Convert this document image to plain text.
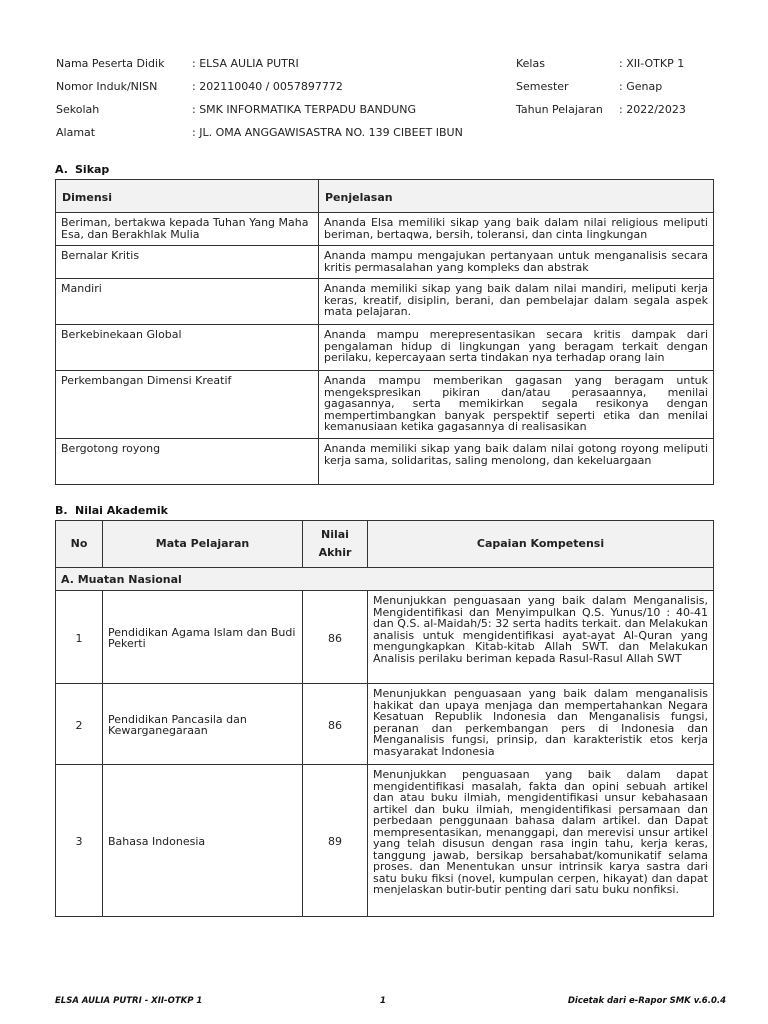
Nama Peserta Didik	: ELSA AULIA PUTRI	Kelas	: XII-OTKP 1
Nomor Induk/NISN	: 202110040 / 0057897772	Semester	: Genap
Sekolah	: SMK INFORMATIKA TERPADU BANDUNG	Tahun Pelajaran : 2022/2023
Alamat	: JL. OMA ANGGAWISASTRA NO. 139 CIBEET IBUN
A. Sikap
Dimensi	Penjelasan
Beriman, bertakwa kepada Tuhan Yang Maha Esa, dan Berakhlak Mulia	Ananda Elsa memiliki sikap yang baik dalam nilai religious meliputi beriman, bertaqwa, bersih, toleransi, dan cinta lingkungan
Bernalar Kritis	Ananda mampu mengajukan pertanyaan untuk menganalisis secara kritis permasalahan yang kompleks dan abstrak
Mandiri	Ananda memiliki sikap yang baik dalam nilai mandiri, meliputi kerja keras, kreatif, disiplin, berani, dan pembelajar dalam segala aspek mata pelajaran.
Berkebinekaan Global	Ananda mampu merepresentasikan secara kritis dampak dari pengalaman hidup di lingkungan yang beragam terkait dengan perilaku, kepercayaan serta tindakan nya terhadap orang lain
Perkembangan Dimensi Kreatif	Ananda mampu memberikan gagasan yang beragam untuk mengekspresikan pikiran dan/atau perasaannya, menilai gagasannya, serta memikirkan segala resikonya dengan mempertimbangkan banyak perspektif seperti etika dan menilai kemanusiaan ketika gagasannya di realisasikan
Bergotong royong	Ananda memiliki sikap yang baik dalam nilai gotong royong meliputi kerja sama, solidaritas, saling menolong, dan kekeluargaan
B. Nilai Akademik
No	Mata Pelajaran	Nilai Akhir	Capaian Kompetensi
A. Muatan Nasional			
1	Pendidikan Agama Islam dan Budi Pekerti	86	Menunjukkan penguasaan yang baik dalam Menganalisis, Mengidentifikasi dan Menyimpulkan Q.S. Yunus/10 : 40-41 dan Q.S. al-Maidah/5: 32 serta hadits terkait. dan Melakukan analisis untuk mengidentifikasi ayat-ayat Al-Quran yang mengungkapkan Kitab-kitab Allah SWT. dan Melakukan Analisis perilaku beriman kepada Rasul-Rasul Allah SWT
2	Pendidikan Pancasila dan Kewarganegaraan	86	Menunjukkan penguasaan yang baik dalam menganalisis hakikat dan upaya menjaga dan mempertahankan Negara Kesatuan Republik Indonesia dan Menganalisis fungsi, peranan dan perkembangan pers di Indonesia dan Menganalisis fungsi, prinsip, dan karakteristik etos kerja masyarakat Indonesia
3	Bahasa Indonesia	89	Menunjukkan penguasaan yang baik dalam dapat mengidentifikasi masalah, fakta dan opini sebuah artikel dan atau buku ilmiah, mengidentifikasi unsur kebahasaan artikel dan buku ilmiah, mengidentifikasi persamaan dan perbedaan penggunaan bahasa dalam artikel. dan Dapat mempresentasikan, menanggapi, dan merevisi unsur artikel yang telah disusun dengan rasa ingin tahu, kerja keras, tanggung jawab, bersikap bersahabat/komunikatif selama proses. dan Menentukan unsur intrinsik karya sastra dari satu buku fiksi (novel, kumpulan cerpen, hikayat) dan dapat menjelaskan butir-butir penting dari satu buku nonfiksi.
ELSA AULIA PUTRI - XII-OTKP 1	1	Dicetak dari e-Rapor SMK v.6.0.4
